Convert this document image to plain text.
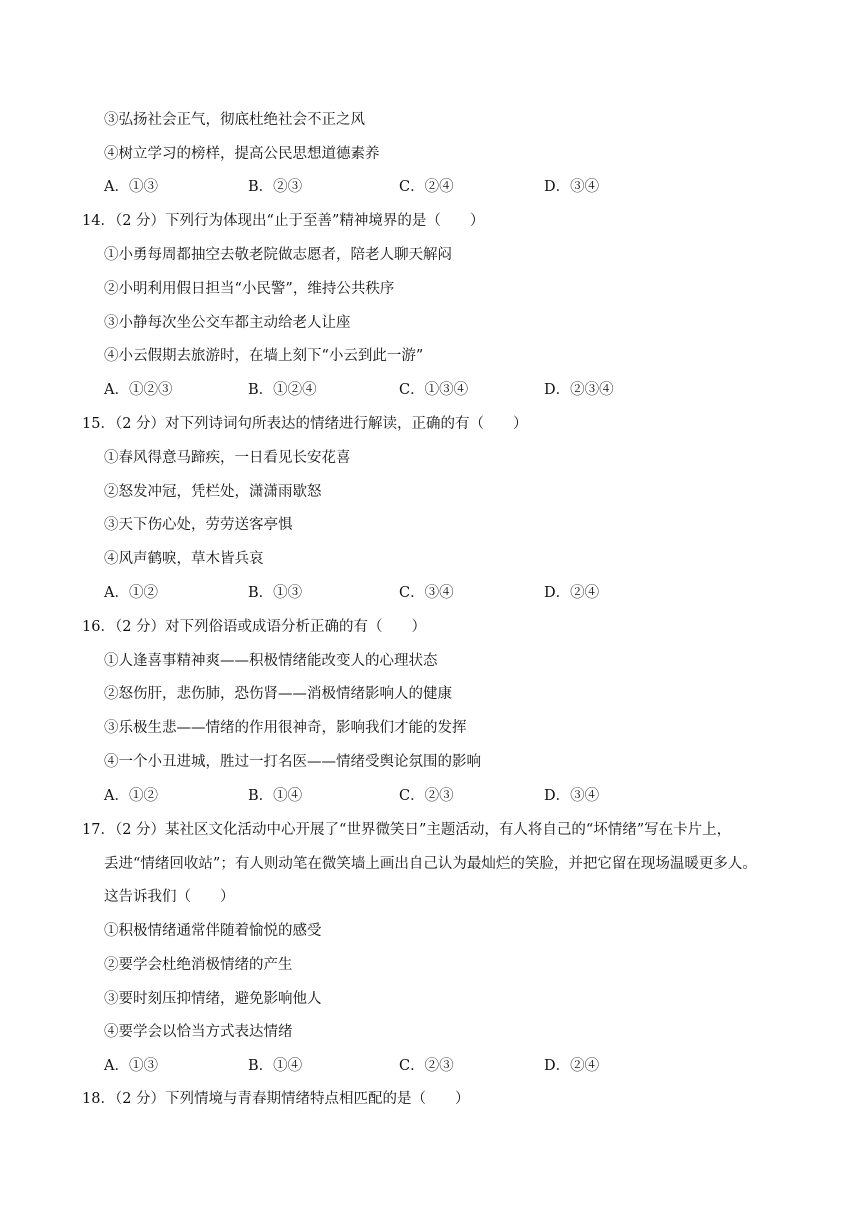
③弘扬社会正气，彻底杜绝社会不正之风
④树立学习的榜样，提高公民思想道德素养
A．①③	B．②③	C．②④	D．③④
14．（2 分）下列行为体现出“止于至善”精神境界的是（　　）
①小勇每周都抽空去敬老院做志愿者，陪老人聊天解闷
②小明利用假日担当“小民警”，维持公共秩序
③小静每次坐公交车都主动给老人让座
④小云假期去旅游时，在墙上刻下“小云到此一游”
A．①②③	B．①②④	C．①③④	D．②③④
15．（2 分）对下列诗词句所表达的情绪进行解读，正确的有（　　）
①春风得意马蹄疾，一日看见长安花喜
②怒发冲冠，凭栏处，潇潇雨歇怒
③天下伤心处，劳劳送客亭惧
④风声鹤唳，草木皆兵哀
A．①②	B．①③	C．③④	D．②④
16．（2 分）对下列俗语或成语分析正确的有（　　）
①人逢喜事精神爽——积极情绪能改变人的心理状态
②怒伤肝，悲伤肺，恐伤肾——消极情绪影响人的健康
③乐极生悲——情绪的作用很神奇，影响我们才能的发挥
④一个小丑进城，胜过一打名医——情绪受舆论氛围的影响
A．①②	B．①④	C．②③	D．③④
17．（2 分）某社区文化活动中心开展了“世界微笑日”主题活动，有人将自己的“坏情绪”写在卡片上，
丢进“情绪回收站”；有人则动笔在微笑墙上画出自己认为最灿烂的笑脸，并把它留在现场温暖更多人。
这告诉我们（　　）
①积极情绪通常伴随着愉悦的感受
②要学会杜绝消极情绪的产生
③要时刻压抑情绪，避免影响他人
④要学会以恰当方式表达情绪
A．①③	B．①④	C．②③	D．②④
18．（2 分）下列情境与青春期情绪特点相匹配的是（　　）
